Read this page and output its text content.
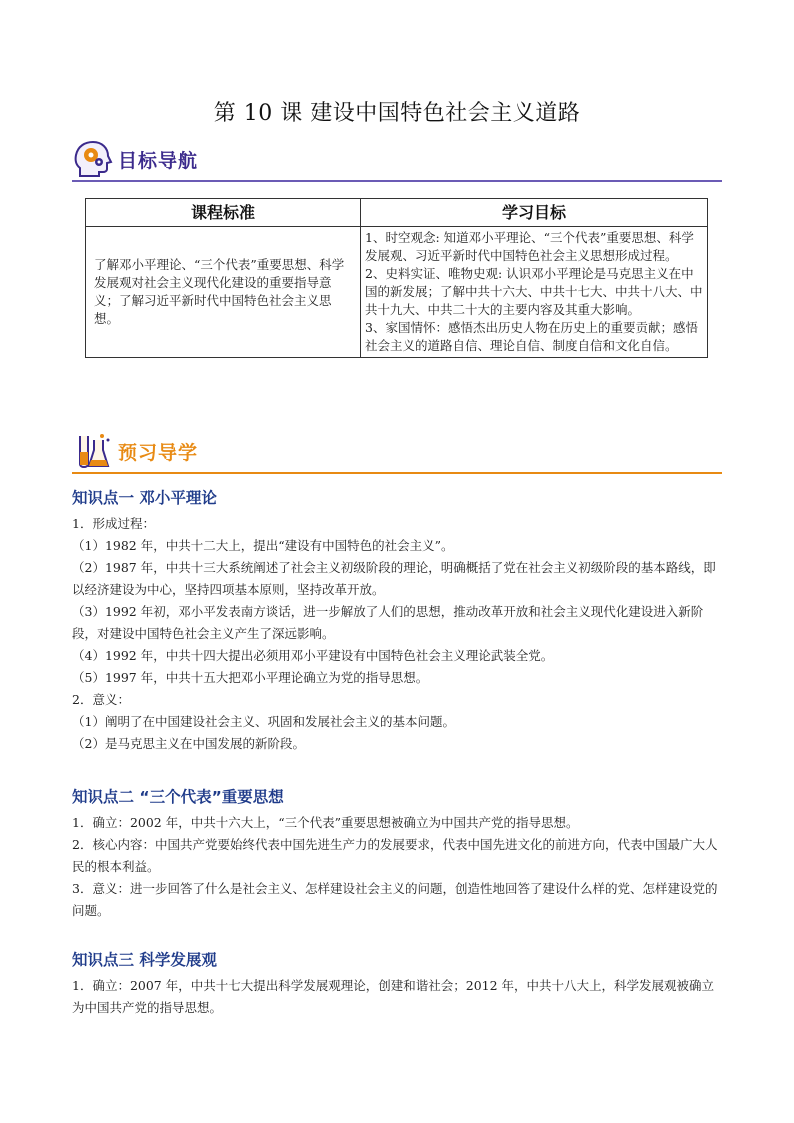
第 10 课 建设中国特色社会主义道路
目标导航
课程标准	学习目标
了解邓小平理论、“三个代表”重要思想、科学发展观对社会主义现代化建设的重要指导意义；了解习近平新时代中国特色社会主义思想。	1、时空观念: 知道邓小平理论、“三个代表”重要思想、科学发展观、习近平新时代中国特色社会主义思想形成过程。
2、史料实证、唯物史观: 认识邓小平理论是马克思主义在中国的新发展；了解中共十六大、中共十七大、中共十八大、中共十九大、中共二十大的主要内容及其重大影响。
3、家国情怀：感悟杰出历史人物在历史上的重要贡献；感悟社会主义的道路自信、理论自信、制度自信和文化自信。
预习导学
知识点一 邓小平理论
1．形成过程：
（1）1982 年，中共十二大上，提出“建设有中国特色的社会主义”。
（2）1987 年，中共十三大系统阐述了社会主义初级阶段的理论，明确概括了党在社会主义初级阶段的基本路线，即以经济建设为中心，坚持四项基本原则，坚持改革开放。
（3）1992 年初，邓小平发表南方谈话，进一步解放了人们的思想，推动改革开放和社会主义现代化建设进入新阶段，对建设中国特色社会主义产生了深远影响。
（4）1992 年，中共十四大提出必须用邓小平建设有中国特色社会主义理论武装全党。
（5）1997 年，中共十五大把邓小平理论确立为党的指导思想。
2．意义：
（1）阐明了在中国建设社会主义、巩固和发展社会主义的基本问题。
（2）是马克思主义在中国发展的新阶段。
知识点二 “三个代表”重要思想
1．确立：2002 年，中共十六大上，“三个代表”重要思想被确立为中国共产党的指导思想。
2．核心内容：中国共产党要始终代表中国先进生产力的发展要求，代表中国先进文化的前进方向，代表中国最广大人民的根本利益。
3．意义：进一步回答了什么是社会主义、怎样建设社会主义的问题，创造性地回答了建设什么样的党、怎样建设党的问题。
知识点三 科学发展观
1．确立：2007 年，中共十七大提出科学发展观理论，创建和谐社会；2012 年，中共十八大上，科学发展观被确立为中国共产党的指导思想。
